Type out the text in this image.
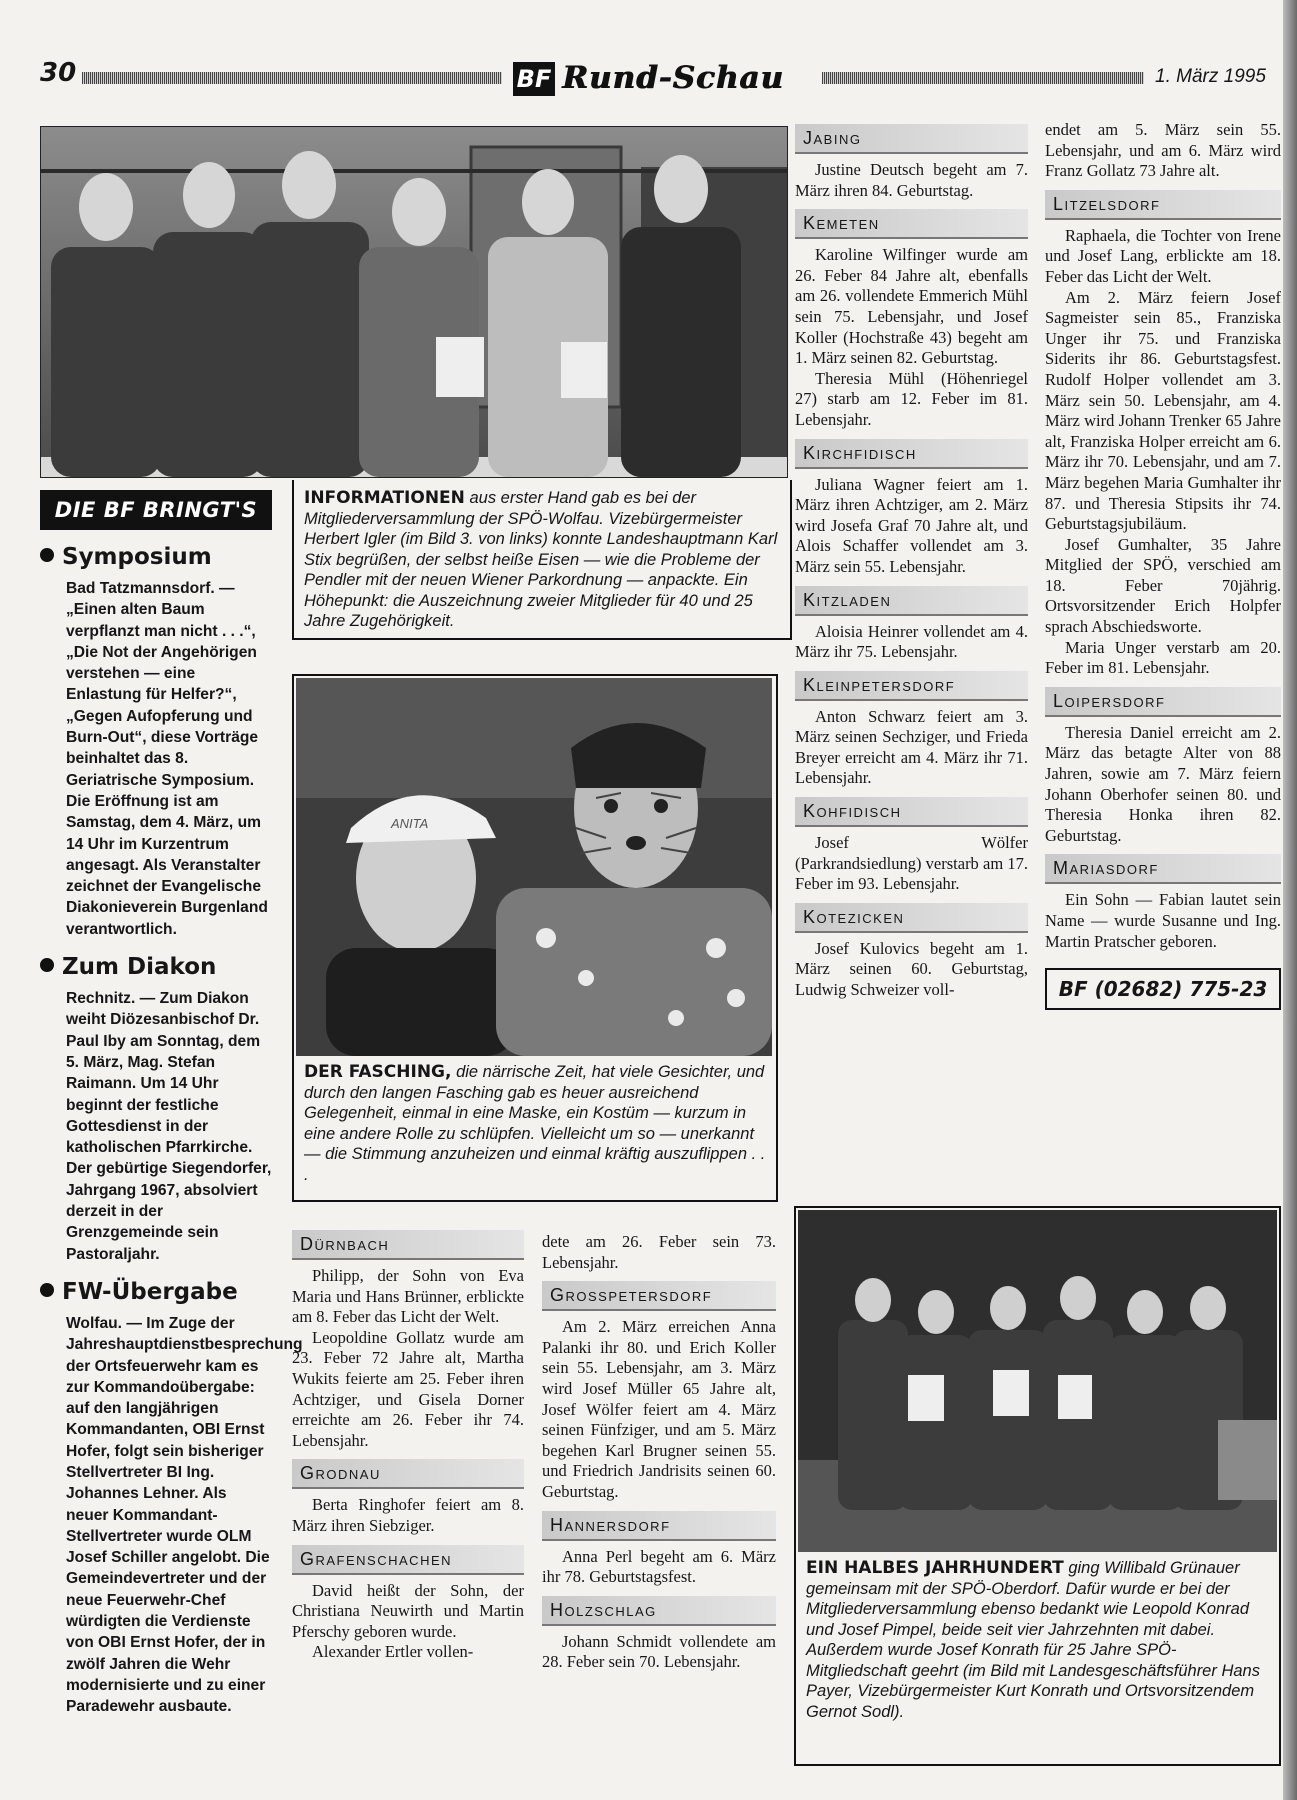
30	BF Rund-Schau	1. März 1995
DIE BF BRINGT'S
Symposium
Bad Tatzmannsdorf. — „Einen alten Baum verpflanzt man nicht . . .“, „Die Not der Angehörigen verstehen — eine Enlastung für Helfer?“, „Gegen Aufopferung und Burn-Out“, diese Vorträge beinhaltet das 8. Geriatrische Symposium. Die Eröffnung ist am Samstag, dem 4. März, um 14 Uhr im Kurzentrum angesagt. Als Veranstalter zeichnet der Evangelische Diakonieverein Burgenland verantwortlich.
Zum Diakon
Rechnitz. — Zum Diakon weiht Diözesanbischof Dr. Paul Iby am Sonntag, dem 5. März, Mag. Stefan Raimann. Um 14 Uhr beginnt der festliche Gottesdienst in der katholischen Pfarrkirche. Der gebürtige Siegendorfer, Jahrgang 1967, absolviert derzeit in der Grenzgemeinde sein Pastoraljahr.
FW-Übergabe
Wolfau. — Im Zuge der Jahreshauptdienstbesprechung der Ortsfeuerwehr kam es zur Kommandoübergabe: auf den langjährigen Kommandanten, OBI Ernst Hofer, folgt sein bisheriger Stellvertreter BI Ing. Johannes Lehner. Als neuer Kommandant-Stellvertreter wurde OLM Josef Schiller angelobt. Die Gemeindevertreter und der neue Feuerwehr-Chef würdigten die Verdienste von OBI Ernst Hofer, der in zwölf Jahren die Wehr modernisierte und zu einer Paradewehr ausbaute.
INFORMATIONEN aus erster Hand gab es bei der Mitgliederversammlung der SPÖ-Wolfau. Vizebürgermeister Herbert Igler (im Bild 3. von links) konnte Landeshauptmann Karl Stix begrüßen, der selbst heiße Eisen — wie die Probleme der Pendler mit der neuen Wiener Parkordnung — anpackte. Ein Höhepunkt: die Auszeichnung zweier Mitglieder für 40 und 25 Jahre Zugehörigkeit.
ANITA
DER FASCHING, die närrische Zeit, hat viele Gesichter, und durch den langen Fasching gab es heuer ausreichend Gelegenheit, einmal in eine Maske, ein Kostüm — kurzum in eine andere Rolle zu schlüpfen. Vielleicht um so — unerkannt — die Stimmung anzuheizen und einmal kräftig auszuflippen . . .
Jabing

Justine Deutsch begeht am 7. März ihren 84. Geburtstag.

Kemeten

Karoline Wilfinger wurde am 26. Feber 84 Jahre alt, ebenfalls am 26. vollendete Emmerich Mühl sein 75. Lebensjahr, und Josef Koller (Hochstraße 43) begeht am 1. März seinen 82. Geburtstag.

Theresia Mühl (Höhenriegel 27) starb am 12. Feber im 81. Lebensjahr.

Kirchfidisch

Juliana Wagner feiert am 1. März ihren Achtziger, am 2. März wird Josefa Graf 70 Jahre alt, und Alois Schaffer vollendet am 3. März sein 55. Lebensjahr.

Kitzladen

Aloisia Heinrer vollendet am 4. März ihr 75. Lebensjahr.

Kleinpetersdorf

Anton Schwarz feiert am 3. März seinen Sechziger, und Frieda Breyer erreicht am 4. März ihr 71. Lebensjahr.

Kohfidisch

Josef Wölfer (Parkrandsiedlung) verstarb am 17. Feber im 93. Lebensjahr.

Kotezicken

Josef Kulovics begeht am 1. März seinen 60. Geburtstag, Ludwig Schweizer voll-

endet am 5. März sein 55. Lebensjahr, und am 6. März wird Franz Gollatz 73 Jahre alt.

Litzelsdorf

Raphaela, die Tochter von Irene und Josef Lang, erblickte am 18. Feber das Licht der Welt.

Am 2. März feiern Josef Sagmeister sein 85., Franziska Unger ihr 75. und Franziska Siderits ihr 86. Geburtstagsfest. Rudolf Holper vollendet am 3. März sein 50. Lebensjahr, am 4. März wird Johann Trenker 65 Jahre alt, Franziska Holper erreicht am 6. März ihr 70. Lebensjahr, und am 7. März begehen Maria Gumhalter ihr 87. und Theresia Stipsits ihr 74. Geburtstagsjubiläum.

Josef Gumhalter, 35 Jahre Mitglied der SPÖ, verschied am 18. Feber 70jährig. Ortsvorsitzender Erich Holpfer sprach Abschiedsworte.

Maria Unger verstarb am 20. Feber im 81. Lebensjahr.

Loipersdorf

Theresia Daniel erreicht am 2. März das betagte Alter von 88 Jahren, sowie am 7. März feiern Johann Oberhofer seinen 80. und Theresia Honka ihren 82. Geburtstag.

Mariasdorf

Ein Sohn — Fabian lautet sein Name — wurde Susanne und Ing. Martin Pratscher geboren.

BF (02682) 775-23
Dürnbach

Philipp, der Sohn von Eva Maria und Hans Brünner, erblickte am 8. Feber das Licht der Welt.

Leopoldine Gollatz wurde am 23. Feber 72 Jahre alt, Martha Wukits feierte am 25. Feber ihren Achtziger, und Gisela Dorner erreichte am 26. Feber ihr 74. Lebensjahr.

Grodnau

Berta Ringhofer feiert am 8. März ihren Siebziger.

Grafenschachen

David heißt der Sohn, der Christiana Neuwirth und Martin Pferschy geboren wurde.

Alexander Ertler vollen-

dete am 26. Feber sein 73. Lebensjahr.

Grosspetersdorf

Am 2. März erreichen Anna Palanki ihr 80. und Erich Koller sein 55. Lebensjahr, am 3. März wird Josef Müller 65 Jahre alt, Josef Wölfer feiert am 4. März seinen Fünfziger, und am 5. März begehen Karl Brugner seinen 55. und Friedrich Jandrisits seinen 60. Geburtstag.

Hannersdorf

Anna Perl begeht am 6. März ihr 78. Geburtstagsfest.

Holzschlag

Johann Schmidt vollendete am 28. Feber sein 70. Lebensjahr.

EIN HALBES JAHRHUNDERT ging Willibald Grünauer gemeinsam mit der SPÖ-Oberdorf. Dafür wurde er bei der Mitgliederversammlung ebenso bedankt wie Leopold Konrad und Josef Pimpel, beide seit vier Jahrzehnten mit dabei. Außerdem wurde Josef Konrath für 25 Jahre SPÖ-Mitgliedschaft geehrt (im Bild mit Landesgeschäftsführer Hans Payer, Vizebürgermeister Kurt Konrath und Ortsvorsitzendem Gernot Sodl).
